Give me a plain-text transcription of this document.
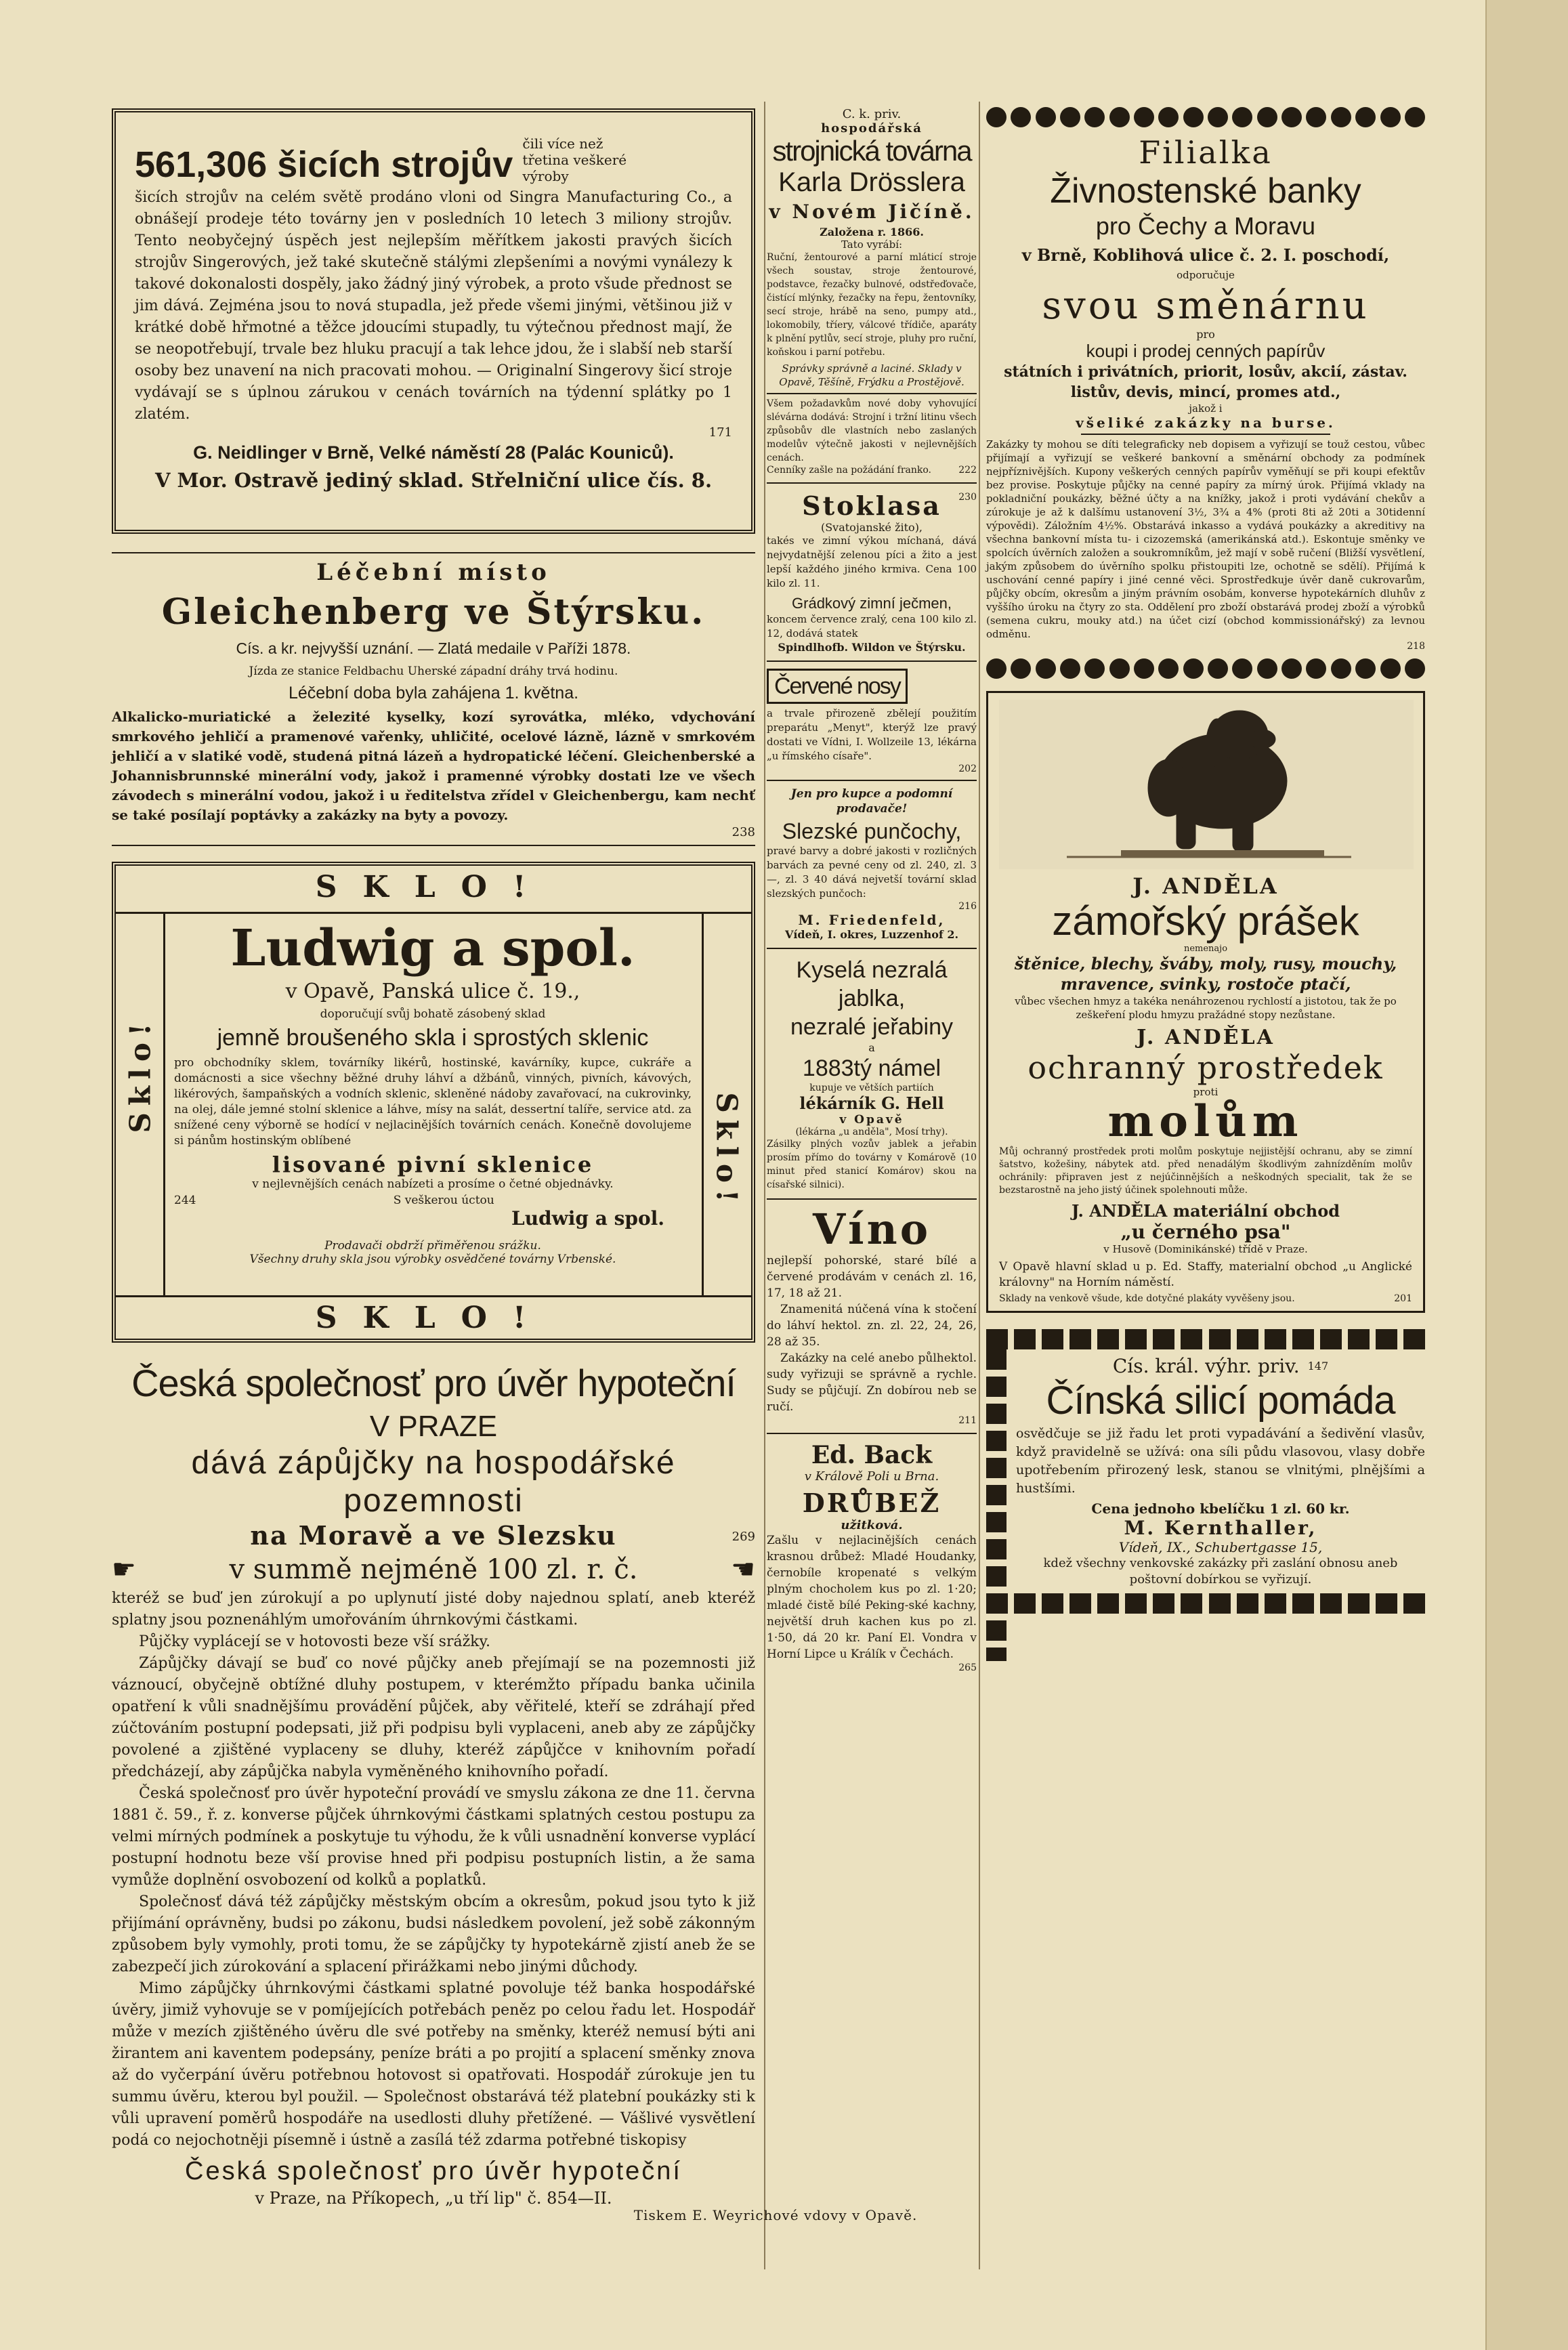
561,306 šicích strojův
čili více než třetina veškeré výroby
šicích strojův na celém světě prodáno vloni od Singra Manufacturing Co., a obnášejí prodeje této továrny jen v posledních 10 letech 3 miliony strojův. Tento neobyčejný úspěch jest nejlepším měřítkem jakosti pravých šicích strojův Singerových, jež také skutečně stálými zlepšeními a novými vynálezy k takové dokonalosti dospěly, jako žádný jiný výrobek, a proto všude přednost se jim dává. Zejména jsou to nová stupadla, jež přede všemi jinými, většinou již v krátké době hřmotné a těžce jdoucími stupadly, tu výtečnou přednost mají, že se neopotřebují, trvale bez hluku pracují a tak lehce jdou, že i slabší neb starší osoby bez unavení na nich pracovati mohou. — Originalní Singerovy šicí stroje vydávají se s úplnou zárukou v cenách továrních na týdenní splátky po 1 zlatém.
171
G. Neidlinger v Brně, Velké náměstí 28 (Palác Kouniců).
V Mor. Ostravě jediný sklad. Střelniční ulice čís. 8.
Léčební místo
Gleichenberg ve Štýrsku.
Cís. a kr. nejvyšší uznání. — Zlatá medaile v Paříži 1878.
Jízda ze stanice Feldbachu Uherské západní dráhy trvá hodinu.
Léčební doba byla zahájena 1. května.
Alkalicko-muriatické a železité kyselky, kozí syrovátka, mléko, vdychování smrkového jehličí a pramenové vařenky, uhličité, ocelové lázně, lázně v smrkovém jehličí a v slatiké vodě, studená pitná lázeň a hydropatické léčení. Gleichenberské a Johannisbrunnské minerální vody, jakož i pramenné výrobky dostati lze ve všech závodech s minerální vodou, jakož i u ředitelstva zřídel v Gleichenbergu, kam nechť se také posílají poptávky a zakázky na byty a povozy.
238
SKLO!
Sklo!
Sklo!
Ludwig a spol.
v Opavě, Panská ulice č. 19.,
doporučují svůj bohatě zásobený sklad
jemně broušeného skla i sprostých sklenic
pro obchodníky sklem, továrníky likérů, hostinské, kavárníky, kupce, cukráře a domácnosti a sice všechny běžné druhy láhví a džbánů, vinných, pivních, kávových, likérových, šampaňských a vodních sklenic, skleněné nádoby zavařovací, na cukrovinky, na olej, dále jemné stolní sklenice a láhve, mísy na salát, dessertní talíře, service atd. za snížené ceny výborně se hodící v nejlacinějších továrních cenách. Konečně dovolujeme si pánům hostinským oblíbené
lisované pivní sklenice
v nejlevnějších cenách nabízeti a prosíme o četné objednávky.
244	S veškerou úctou
Ludwig a spol.
Prodavači obdrží přiměřenou srážku.
Všechny druhy skla jsou výrobky osvědčené továrny Vrbenské.
SKLO!
Česká společnosť pro úvěr hypoteční
V PRAZE
dává zápůjčky na hospodářské pozemnosti
na Moravě a ve Slezsku	269
☛	v summě nejméně 100 zl. r. č.	☚
kteréž se buď jen zúrokují a po uplynutí jisté doby najednou splatí, aneb kteréž splatny jsou poznenáhlým umořováním úhrnkovými částkami.
Půjčky vyplácejí se v hotovosti beze vší srážky.
Zápůjčky dávají se buď co nové půjčky aneb přejímají se na pozemnosti již váznoucí, obyčejně obtížné dluhy postupem, v kterémžto případu banka učinila opatření k vůli snadnějšímu provádění půjček, aby věřitelé, kteří se zdráhají před zúčtováním postupní podepsati, již při podpisu byli vyplaceni, aneb aby ze zápůjčky povolené a zjištěné vyplaceny se dluhy, kteréž zápůjčce v knihovním pořadí předcházejí, aby zápůjčka nabyla vyměněného knihovního pořadí.
Česká společnosť pro úvěr hypoteční provádí ve smyslu zákona ze dne 11. června 1881 č. 59., ř. z. konverse půjček úhrnkovými částkami splatných cestou postupu za velmi mírných podmínek a poskytuje tu výhodu, že k vůli usnadnění konverse vyplácí postupní hodnotu beze vší provise hned při podpisu postupních listin, a že sama vymůže doplnění osvobození od kolků a poplatků.
Společnosť dává též zápůjčky městským obcím a okresům, pokud jsou tyto k již přijímání oprávněny, budsi po zákonu, budsi následkem povolení, jež sobě zákonným způsobem byly vymohly, proti tomu, že se zápůjčky ty hypotekárně zjistí aneb že se zabezpečí jich zúrokování a splacení přirážkami nebo jinými důchody.
Mimo zápůjčky úhrnkovými částkami splatné povoluje též banka hospodářské úvěry, jimiž vyhovuje se v pomíjejících potřebách peněz po celou řadu let. Hospodář může v mezích zjištěného úvěru dle své potřeby na směnky, kteréž nemusí býti ani žirantem ani kaventem podepsány, peníze bráti a po projití a splacení směnky znova až do vyčerpání úvěru potřebnou hotovost si opatřovati. Hospodář zúrokuje jen tu summu úvěru, kterou byl použil. — Společnost obstarává též platební poukázky sti k vůli upravení poměrů hospodáře na usedlosti dluhy přetížené. — Vášlivé vysvětlení podá co nejochotněji písemně i ústně a zasílá též zdarma potřebné tiskopisy
Česká společnosť pro úvěr hypoteční
v Praze, na Příkopech, „u tří lip" č. 854—II.
C. k. priv.
hospodářská
strojnická továrna
Karla Drösslera
v Novém Jičíně.
Založena r. 1866.
Tato vyrábí:
Ruční, žentourové a parní mláticí stroje všech soustav, stroje žentourové, podstavce, řezačky bulnové, odstřeďovače, čistící mlýnky, řezačky na řepu, žentovníky, secí stroje, hrábě na seno, pumpy atd., lokomobily, tříery, válcové třídiče, aparáty k plnění pytlův, secí stroje, pluhy pro ruční, koňskou i parní potřebu.
Správky správně a laciné. Sklady v Opavě, Těšíně, Frýdku a Prostějově.
Všem požadavkům nové doby vyhovující slévárna dodává: Strojní i tržní litinu všech způsobův dle vlastních nebo zaslaných modelův výtečně jakosti v nejlevnějších cenách.
Cenníky zašle na požádání franko.	222
Stoklasa	230
(Svatojanské žito),
takés ve zimní výkou míchaná, dává nejvydatnější zelenou píci a žito a jest lepší každého jiného krmiva. Cena 100 kilo zl. 11.
Grádkový zimní ječmen,
koncem července zralý, cena 100 kilo zl. 12, dodává statek
Spindlhofb. Wildon ve Štýrsku.
Červené nosy
a trvale přirozeně zbělejí použitím preparátu „Menyt", kterýž lze pravý dostati ve Vídni, I. Wollzeile 13, lékárna „u římského císaře".
202
Jen pro kupce a podomní prodavače!
Slezské punčochy,
pravé barvy a dobré jakosti v rozličných barvách za pevné ceny od zl. 240, zl. 3—, zl. 3 40 dává nejvetší tovární sklad slezských punčoch:
216
M. Friedenfeld,
Vídeň, I. okres, Luzzenhof 2.
Kyselá nezralá
jablka,
nezralé jeřabiny
a
1883tý námel
kupuje ve větších partiích
lékárník G. Hell
v Opavě
(lékárna „u anděla", Mosí trhy).
Zásilky plných vozův jablek a jeřabin prosím přímo do továrny v Komárově (10 minut před stanicí Komárov) skou na císařské silnici).
Víno
nejlepší pohorské, staré bílé a červené prodávám v cenách zl. 16, 17, 18 až 21.
Znamenitá núčená vína k stočení do láhví hektol. zn. zl. 22, 24, 26, 28 až 35.
Zakázky na celé anebo půlhektol. sudy vyřizuji se správně a rychle. Sudy se půjčují. Zn dobírou neb se ručí.
211
Ed. Back
v Králově Poli u Brna.
DRŮBEŽ
užitková.
Zašlu v nejlacinějších cenách krasnou drůbež: Mladé Houdanky, černobíle kropenaté s velkým plným chocholem kus po zl. 1·20; mladé čistě bílé Peking-ské kachny, největší druh kachen kus po zl. 1·50, dá 20 kr. Paní El. Vondra v Horní Lipce u Králík v Čechách.
265
Filialka
Živnostenské banky
pro Čechy a Moravu
v Brně, Koblihová ulice č. 2. I. poschodí,
odporučuje
svou směnárnu
pro
koupi i prodej cenných papírův
státních i privátních, priorit, losův, akcií, zástav. listův, devis, mincí, promes atd.,
jakož i
všeliké zakázky na burse.
Zakázky ty mohou se díti telegraficky neb dopisem a vyřizují se touž cestou, vůbec přijímají a vyřizují se veškeré bankovní a směnární obchody za podmínek nejpříznivějších. Kupony veškerých cenných papírův vyměňují se při koupi efektův bez provise. Poskytuje půjčky na cenné papíry za mírný úrok. Přijímá vklady na pokladniční poukázky, běžné účty a na knížky, jakož i proti vydávání chekův a zúrokuje je až k dalšímu ustanovení 3½, 3¾ a 4% (proti 8ti až 20ti a 30tidenní výpovědi). Záložním 4½%. Obstarává inkasso a vydává poukázky a akreditivy na všechna bankovní místa tu- i cizozemská (amerikánská atd.). Eskontuje směnky ve spolcích úvěrních založen a soukromníkům, jež mají v sobě ručení (Bližší vysvětlení, jakým způsobem do úvěrního spolku přistoupiti lze, ochotně se sdělí). Přijímá k uschování cenné papíry i jiné cenné věci. Sprostředkuje úvěr daně cukrovarům, půjčky obcím, okresům a jiným právním osobám, konverse hypotekárních dluhův z vyššího úroku na čtyry zo sta. Oddělení pro zboží obstarává prodej zboží a výrobků (semena cukru, mouky atd.) na účet cizí (obchod kommissionářský) za levnou odměnu.
218
J. ANDĚLA
zámořský prášek
nemenajo
štěnice, blechy, šváby, moly, rusy, mouchy, mravence, svinky, rostoče ptačí,
vůbec všechen hmyz a takéka nenáhrozenou rychlostí a jistotou, tak že po zeškeření plodu hmyzu pražádné stopy nezůstane.
J. ANDĚLA
ochranný prostředek
proti
molům
Můj ochranný prostředek proti molům poskytuje nejjistější ochranu, aby se zimní šatstvo, kožešiny, nábytek atd. před nenadálým škodlivým zahnízděním molův ochránily: připraven jest z nejúčinnějších a neškodných specialit, tak že se bezstarostně na jeho jistý účinek spolehnouti může.
J. ANDĚLA materiální obchod
„u černého psa"
v Husově (Dominikánské) třídě v Praze.
V Opavě hlavní sklad u p. Ed. Staffy, materialní obchod „u Anglické královny" na Horním náměstí.
Sklady na venkově všude, kde dotyčné plakáty vyvěšeny jsou.	201
Cís. král. výhr. priv. 147
Čínská silicí pomáda
osvědčuje se již řadu let proti vypadávání a šedivění vlasův, když pravidelně se užívá: ona síli půdu vlasovou, vlasy dobře upotřebením přirozený lesk, stanou se vlnitými, plnějšími a hustšími.
Cena jednoho kbelíčku 1 zl. 60 kr.
M. Kernthaller,
Vídeň, IX., Schubertgasse 15,
kdež všechny venkovské zakázky při zaslání obnosu aneb poštovní dobírkou se vyřizují.
Tiskem E. Weyrichové vdovy v Opavě.
